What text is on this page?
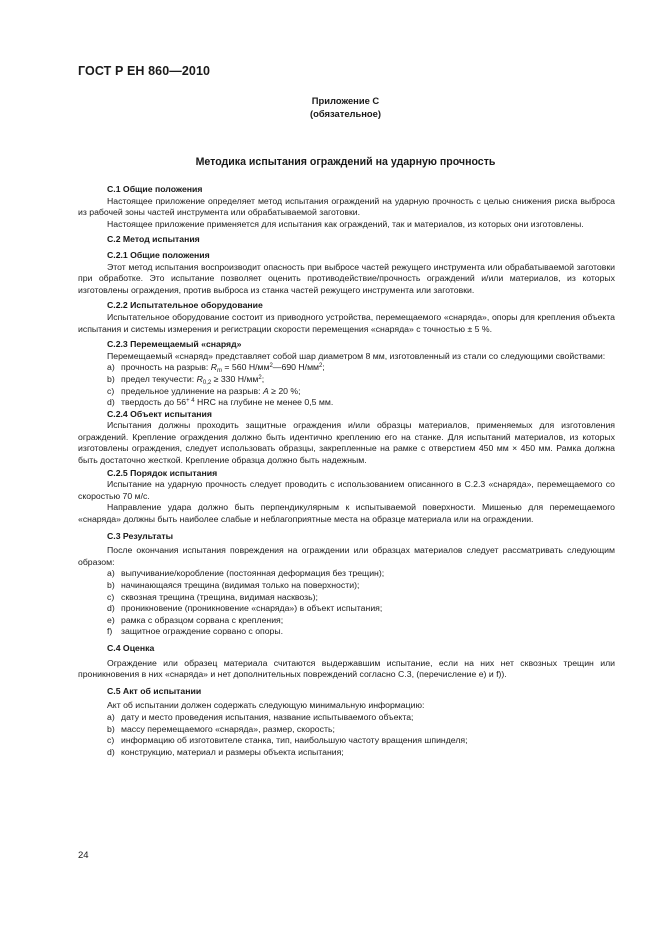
ГОСТ Р ЕН 860—2010
Приложение С
(обязательное)
Методика испытания ограждений на ударную прочность
С.1 Общие положения
Настоящее приложение определяет метод испытания ограждений на ударную прочность с целью снижения риска выброса из рабочей зоны частей инструмента или обрабатываемой заготовки.
Настоящее приложение применяется для испытания как ограждений, так и материалов, из которых они изготовлены.
С.2 Метод испытания
С.2.1 Общие положения
Этот метод испытания воспроизводит опасность при выбросе частей режущего инструмента или обрабатываемой заготовки при обработке. Это испытание позволяет оценить противодействие/прочность ограждений и/или материалов, из которых изготовлены ограждения, против выброса из станка частей режущего инструмента или заготовки.
С.2.2 Испытательное оборудование
Испытательное оборудование состоит из приводного устройства, перемещаемого «снаряда», опоры для крепления объекта испытания и системы измерения и регистрации скорости перемещения «снаряда» с точностью ± 5 %.
С.2.3 Перемещаемый «снаряд»
Перемещаемый «снаряд» представляет собой шар диаметром 8 мм, изготовленный из стали со следующими свойствами:
a) прочность на разрыв: $R_m = 560$ $Н/мм^2—690$ $Н/мм^2$;
b) предел текучести: $R_{0,2} \ge 330$ $Н/мм^2$;
c) предельное удлинение на разрыв: A ≥ 20 %;
d) твердость до $56^{+ 4}$ HRC на глубине не менее 0,5 мм.
С.2.4 Объект испытания
Испытания должны проходить защитные ограждения и/или образцы материалов, применяемых для изготовления ограждений. Крепление ограждения должно быть идентично креплению его на станке. Для испытаний материалов, из которых изготовлены ограждения, следует использовать образцы, закрепленные на рамке с отверстием 450 мм × 450 мм. Рамка должна быть достаточно жесткой. Крепление образца должно быть надежным.
С.2.5 Порядок испытания
Испытание на ударную прочность следует проводить с использованием описанного в С.2.3 «снаряда», перемещаемого со скоростью 70 м/с.
Направление удара должно быть перпендикулярным к испытываемой поверхности. Мишенью для перемещаемого «снаряда» должны быть наиболее слабые и неблагоприятные места на образце материала или на ограждении.
С.3 Результаты
После окончания испытания повреждения на ограждении или образцах материалов следует рассматривать следующим образом:
а) выпучивание/коробление (постоянная деформация без трещин);
b) начинающаяся трещина (видимая только на поверхности);
c) сквозная трещина (трещина, видимая насквозь);
d) проникновение (проникновение «снаряда») в объект испытания;
e) рамка с образцом сорвана с крепления;
f) защитное ограждение сорвано с опоры.
С.4 Оценка
Ограждение или образец материала считаются выдержавшим испытание, если на них нет сквозных трещин или проникновения в них «снаряда» и нет дополнительных повреждений согласно С.3, (перечисление е) и f)).
С.5 Акт об испытании
Акт об испытании должен содержать следующую минимальную информацию:
a) дату и место проведения испытания, название испытываемого объекта;
b) массу перемещаемого «снаряда», размер, скорость;
c) информацию об изготовителе станка, тип, наибольшую частоту вращения шпинделя;
d) конструкцию, материал и размеры объекта испытания;
24
